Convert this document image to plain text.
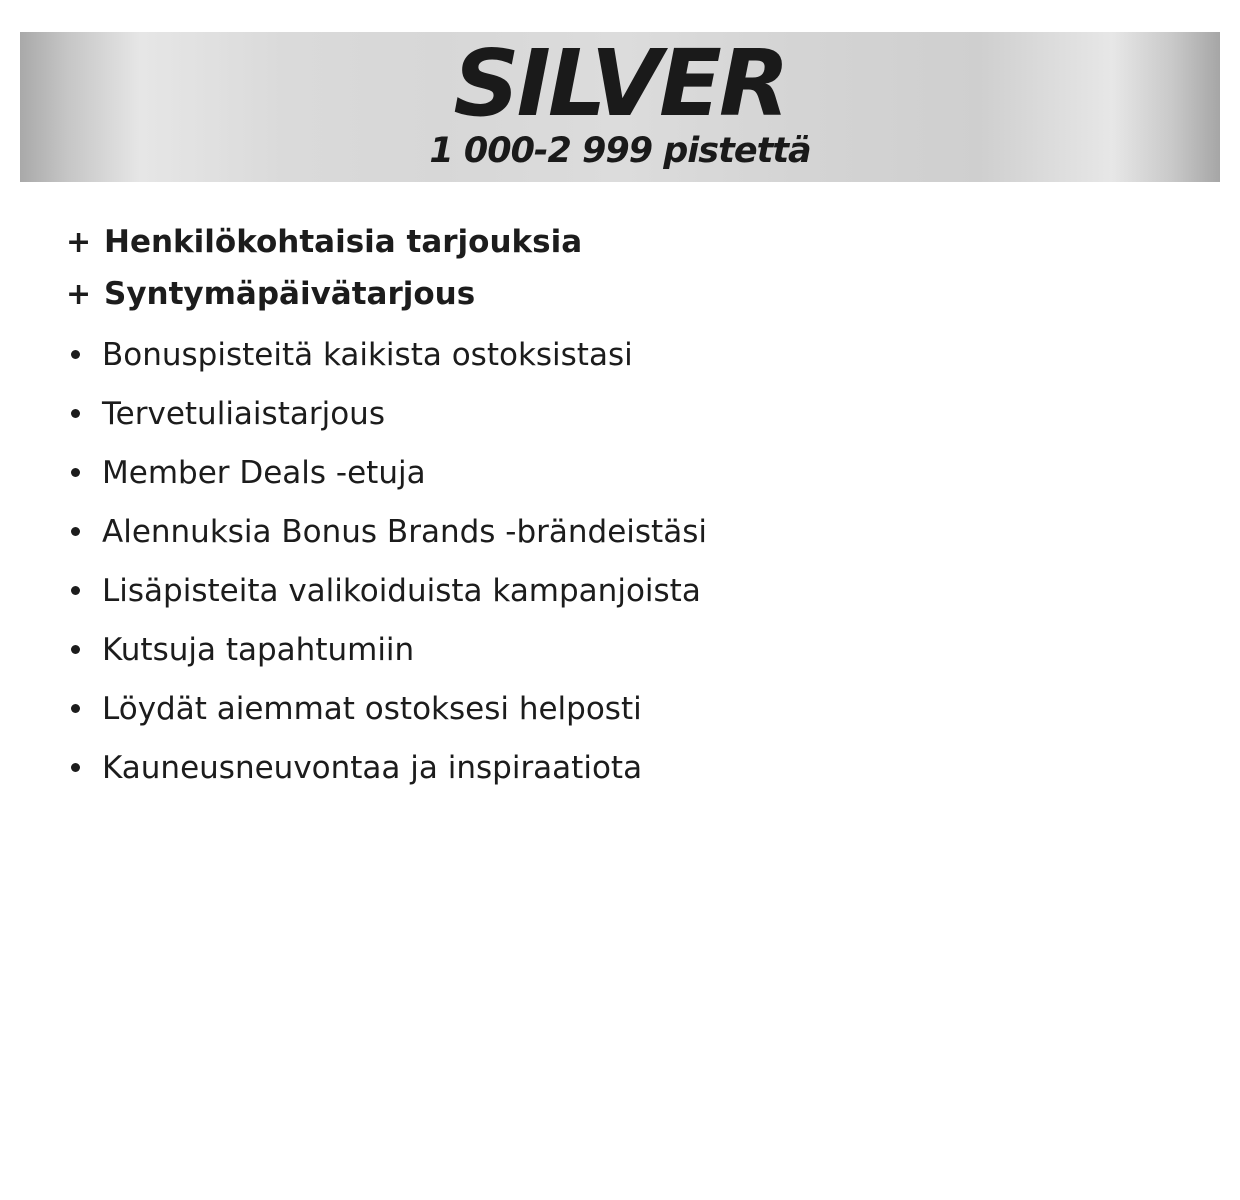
SILVER
1 000-2 999 pistettä
+ Henkilökohtaisia tarjouksia
+ Syntymäpäivätarjous
Bonuspisteitä kaikista ostoksistasi
Tervetuliaistarjous
Member Deals -etuja
Alennuksia Bonus Brands -brändeistäsi
Lisäpisteita valikoiduista kampanjoista
Kutsuja tapahtumiin
Löydät aiemmat ostoksesi helposti
Kauneusneuvontaa ja inspiraatiota
